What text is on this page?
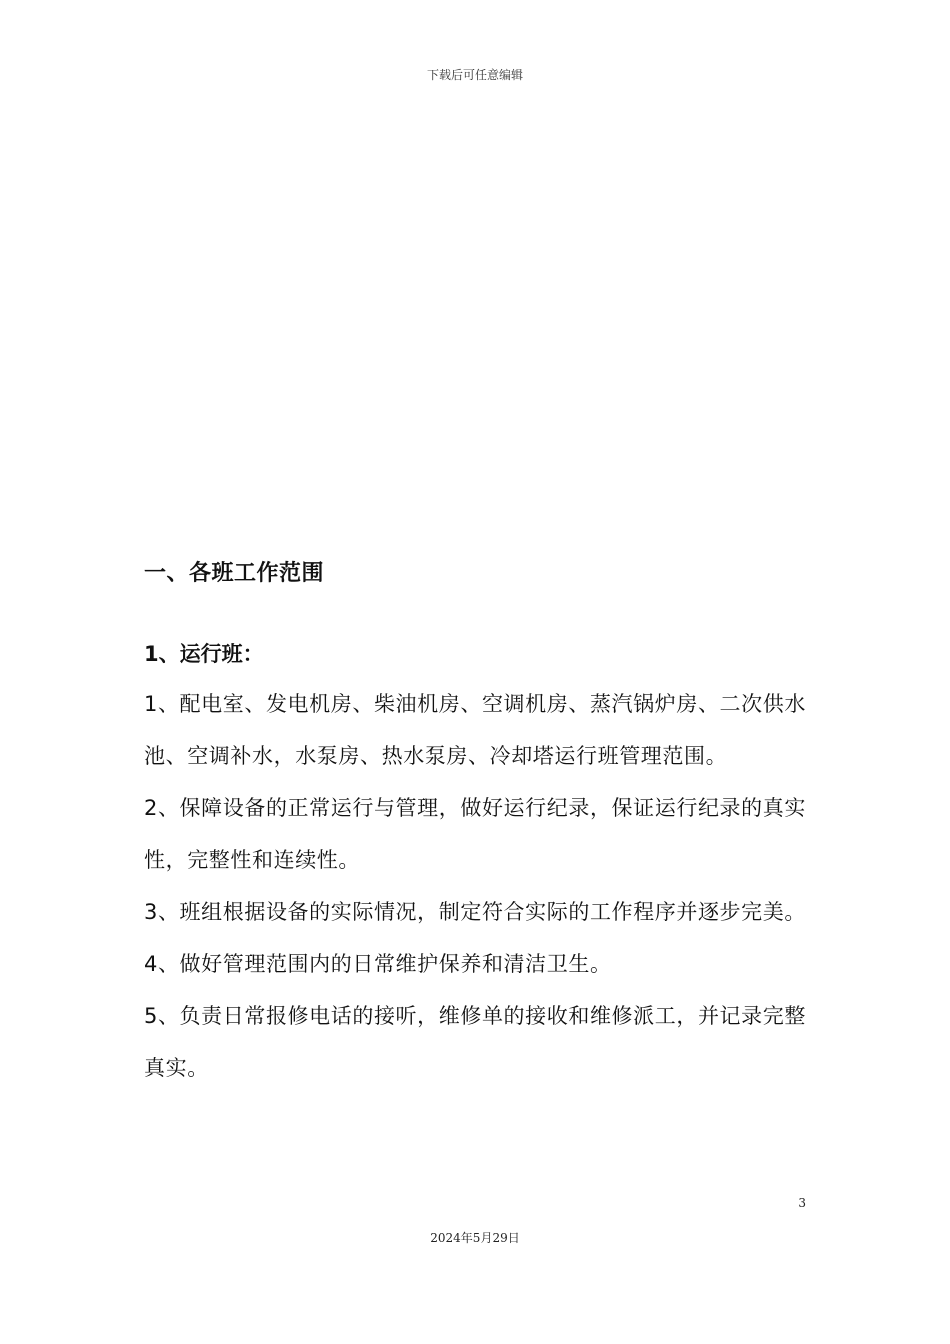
下载后可任意编辑
一、各班工作范围
1、运行班：
1、配电室、发电机房、柴油机房、空调机房、蒸汽锅炉房、二次供水池、空调补水，水泵房、热水泵房、冷却塔运行班管理范围。
2、保障设备的正常运行与管理，做好运行纪录，保证运行纪录的真实性，完整性和连续性。
3、班组根据设备的实际情况，制定符合实际的工作程序并逐步完美。
4、做好管理范围内的日常维护保养和清洁卫生。
5、负责日常报修电话的接听，维修单的接收和维修派工，并记录完整真实。
3
2024年5月29日
